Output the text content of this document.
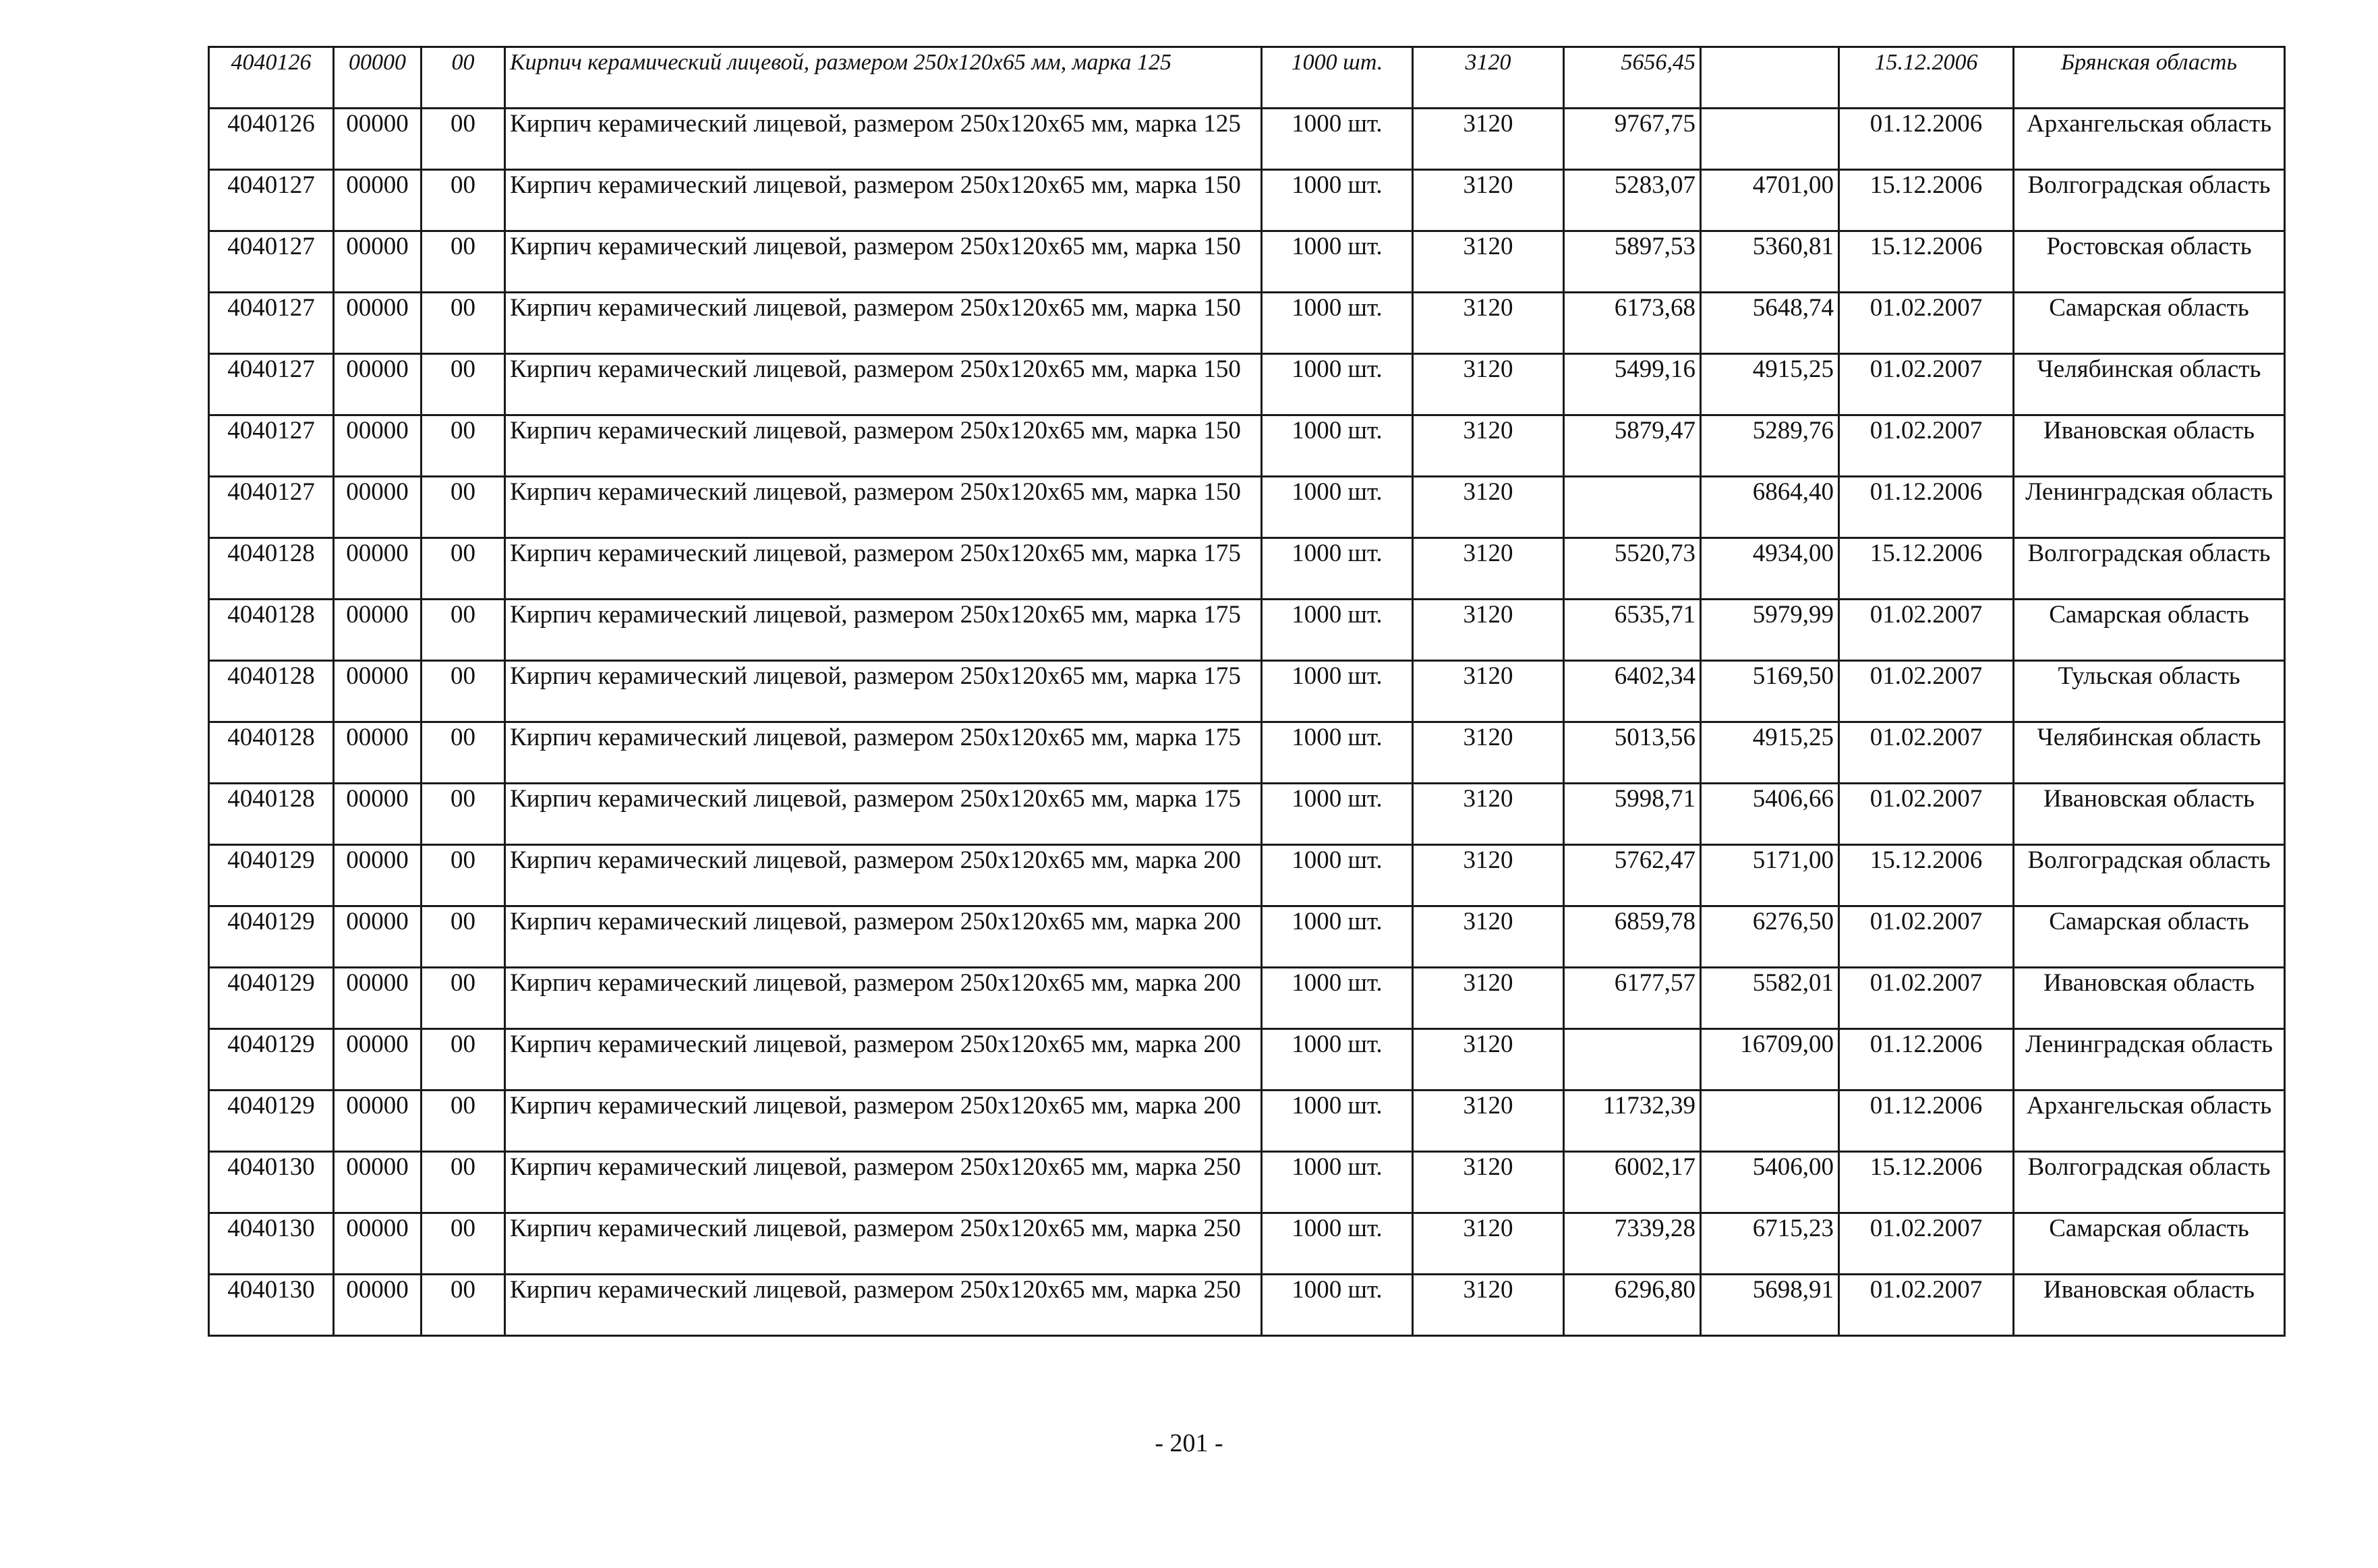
4040126	00000	00	Кирпич керамический лицевой, размером 250х120х65 мм, марка 125	1000 шт.	3120	5656,45		15.12.2006	Брянская область
4040126	00000	00	Кирпич керамический лицевой, размером 250х120х65 мм, марка 125	1000 шт.	3120	9767,75		01.12.2006	Архангельская область
4040127	00000	00	Кирпич керамический лицевой, размером 250х120х65 мм, марка 150	1000 шт.	3120	5283,07	4701,00	15.12.2006	Волгоградская область
4040127	00000	00	Кирпич керамический лицевой, размером 250х120х65 мм, марка 150	1000 шт.	3120	5897,53	5360,81	15.12.2006	Ростовская область
4040127	00000	00	Кирпич керамический лицевой, размером 250х120х65 мм, марка 150	1000 шт.	3120	6173,68	5648,74	01.02.2007	Самарская область
4040127	00000	00	Кирпич керамический лицевой, размером 250х120х65 мм, марка 150	1000 шт.	3120	5499,16	4915,25	01.02.2007	Челябинская область
4040127	00000	00	Кирпич керамический лицевой, размером 250х120х65 мм, марка 150	1000 шт.	3120	5879,47	5289,76	01.02.2007	Ивановская область
4040127	00000	00	Кирпич керамический лицевой, размером 250х120х65 мм, марка 150	1000 шт.	3120		6864,40	01.12.2006	Ленинградская область
4040128	00000	00	Кирпич керамический лицевой, размером 250х120х65 мм, марка 175	1000 шт.	3120	5520,73	4934,00	15.12.2006	Волгоградская область
4040128	00000	00	Кирпич керамический лицевой, размером 250х120х65 мм, марка 175	1000 шт.	3120	6535,71	5979,99	01.02.2007	Самарская область
4040128	00000	00	Кирпич керамический лицевой, размером 250х120х65 мм, марка 175	1000 шт.	3120	6402,34	5169,50	01.02.2007	Тульская область
4040128	00000	00	Кирпич керамический лицевой, размером 250х120х65 мм, марка 175	1000 шт.	3120	5013,56	4915,25	01.02.2007	Челябинская область
4040128	00000	00	Кирпич керамический лицевой, размером 250х120х65 мм, марка 175	1000 шт.	3120	5998,71	5406,66	01.02.2007	Ивановская область
4040129	00000	00	Кирпич керамический лицевой, размером 250х120х65 мм, марка 200	1000 шт.	3120	5762,47	5171,00	15.12.2006	Волгоградская область
4040129	00000	00	Кирпич керамический лицевой, размером 250х120х65 мм, марка 200	1000 шт.	3120	6859,78	6276,50	01.02.2007	Самарская область
4040129	00000	00	Кирпич керамический лицевой, размером 250х120х65 мм, марка 200	1000 шт.	3120	6177,57	5582,01	01.02.2007	Ивановская область
4040129	00000	00	Кирпич керамический лицевой, размером 250х120х65 мм, марка 200	1000 шт.	3120		16709,00	01.12.2006	Ленинградская область
4040129	00000	00	Кирпич керамический лицевой, размером 250х120х65 мм, марка 200	1000 шт.	3120	11732,39		01.12.2006	Архангельская область
4040130	00000	00	Кирпич керамический лицевой, размером 250х120х65 мм, марка 250	1000 шт.	3120	6002,17	5406,00	15.12.2006	Волгоградская область
4040130	00000	00	Кирпич керамический лицевой, размером 250х120х65 мм, марка 250	1000 шт.	3120	7339,28	6715,23	01.02.2007	Самарская область
4040130	00000	00	Кирпич керамический лицевой, размером 250х120х65 мм, марка 250	1000 шт.	3120	6296,80	5698,91	01.02.2007	Ивановская область
- 201 -
